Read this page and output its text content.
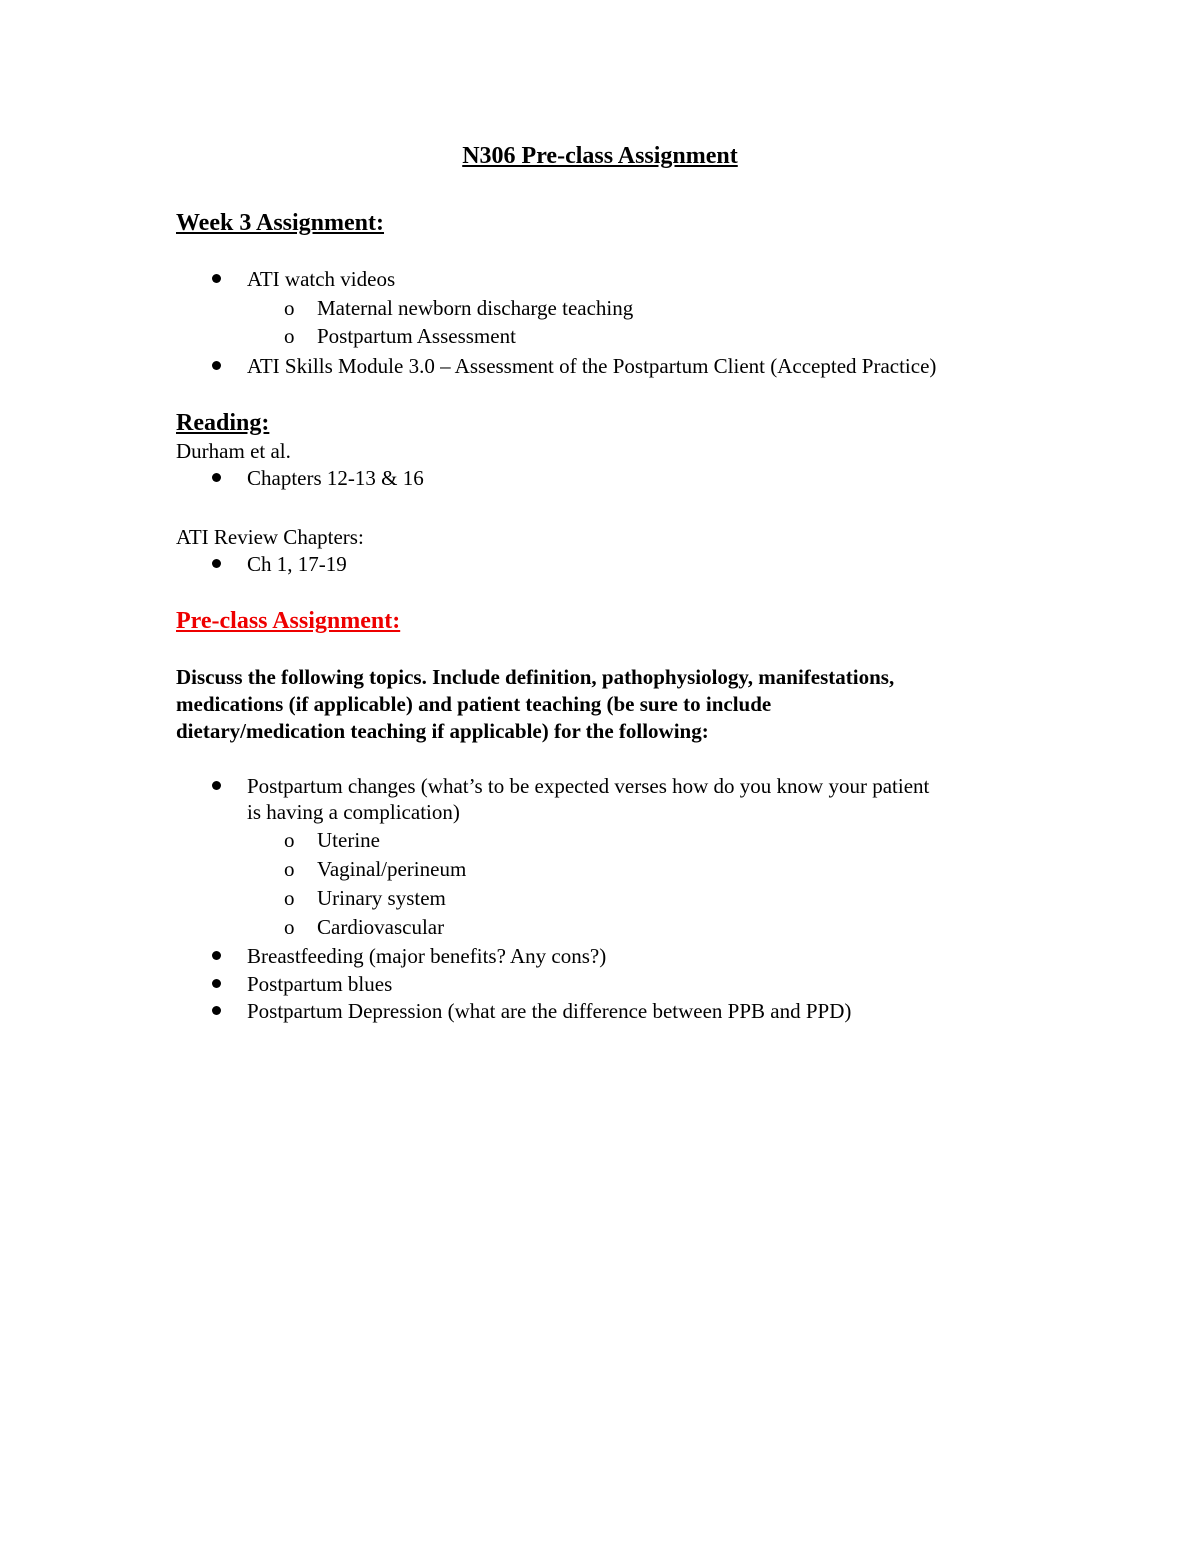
N306 Pre-class Assignment
Week 3 Assignment:
ATI watch videos
o Maternal newborn discharge teaching
o Postpartum Assessment
ATI Skills Module 3.0 – Assessment of the Postpartum Client (Accepted Practice)
Reading:
Durham et al.
Chapters 12-13 & 16
ATI Review Chapters:
Ch 1, 17-19
Pre-class Assignment:
Discuss the following topics. Include definition, pathophysiology, manifestations,
medications (if applicable) and patient teaching (be sure to include
dietary/medication teaching if applicable) for the following:
Postpartum changes (what’s to be expected verses how do you know your patient
is having a complication)
o Uterine
o Vaginal/perineum
o Urinary system
o Cardiovascular
Breastfeeding (major benefits? Any cons?)
Postpartum blues
Postpartum Depression (what are the difference between PPB and PPD)
